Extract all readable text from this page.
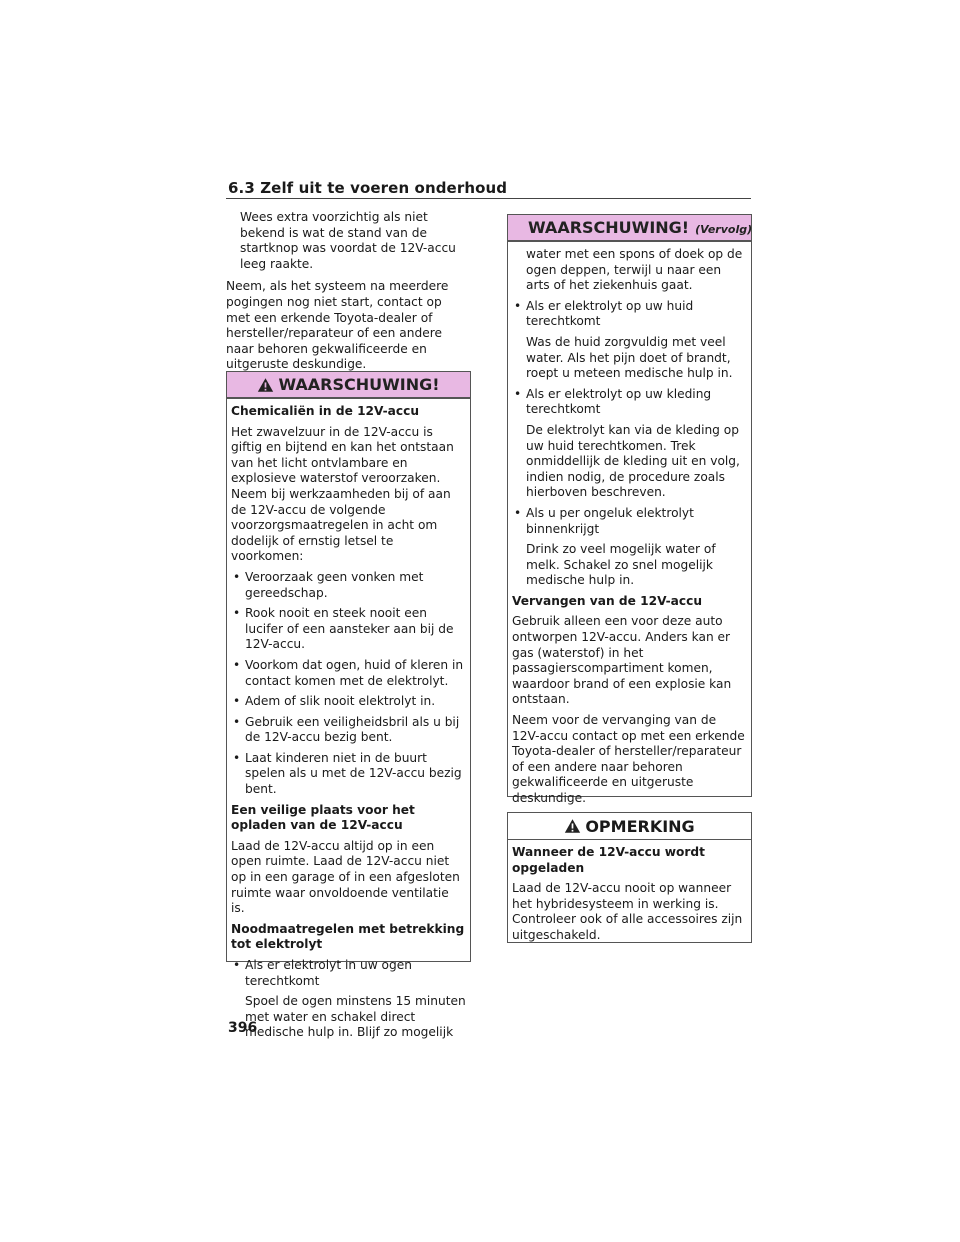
6.3 Zelf uit te voeren onderhoud

Wees extra voorzichtig als niet bekend is wat de stand van de startknop was voordat de 12V-accu leeg raakte.

Neem, als het systeem na meerdere pogingen nog niet start, contact op met een erkende Toyota-dealer of hersteller/reparateur of een andere naar behoren gekwalificeerde en uitgeruste deskundige.

WAARSCHUWING!

Chemicaliën in de 12V-accu

Het zwavelzuur in de 12V-accu is giftig en bijtend en kan het ontstaan van het licht ontvlambare en explosieve waterstof veroorzaken. Neem bij werkzaamheden bij of aan de 12V-accu de volgende voorzorgsmaatregelen in acht om dodelijk of ernstig letsel te voorkomen:

• Veroorzaak geen vonken met gereedschap.
• Rook nooit en steek nooit een lucifer of een aansteker aan bij de 12V-accu.
• Voorkom dat ogen, huid of kleren in contact komen met de elektrolyt.
• Adem of slik nooit elektrolyt in.
• Gebruik een veiligheidsbril als u bij de 12V-accu bezig bent.
• Laat kinderen niet in de buurt spelen als u met de 12V-accu bezig bent.

Een veilige plaats voor het opladen van de 12V-accu

Laad de 12V-accu altijd op in een open ruimte. Laad de 12V-accu niet op in een garage of in een afgesloten ruimte waar onvoldoende ventilatie is.

Noodmaatregelen met betrekking tot elektrolyt

• Als er elektrolyt in uw ogen terechtkomt
Spoel de ogen minstens 15 minuten met water en schakel direct medische hulp in. Blijf zo mogelijk
WAARSCHUWING! (Vervolg)

water met een spons of doek op de ogen deppen, terwijl u naar een arts of het ziekenhuis gaat.

• Als er elektrolyt op uw huid terechtkomt
Was de huid zorgvuldig met veel water. Als het pijn doet of brandt, roept u meteen medische hulp in.
• Als er elektrolyt op uw kleding terechtkomt
De elektrolyt kan via de kleding op uw huid terechtkomen. Trek onmiddellijk de kleding uit en volg, indien nodig, de procedure zoals hierboven beschreven.
• Als u per ongeluk elektrolyt binnenkrijgt
Drink zo veel mogelijk water of melk. Schakel zo snel mogelijk medische hulp in.

Vervangen van de 12V-accu

Gebruik alleen een voor deze auto ontworpen 12V-accu. Anders kan er gas (waterstof) in het passagierscompartiment komen, waardoor brand of een explosie kan ontstaan.

Neem voor de vervanging van de 12V-accu contact op met een erkende Toyota-dealer of hersteller/reparateur of een andere naar behoren gekwalificeerde en uitgeruste deskundige.

OPMERKING

Wanneer de 12V-accu wordt opgeladen

Laad de 12V-accu nooit op wanneer het hybridesysteem in werking is. Controleer ook of alle accessoires zijn uitgeschakeld.

396
